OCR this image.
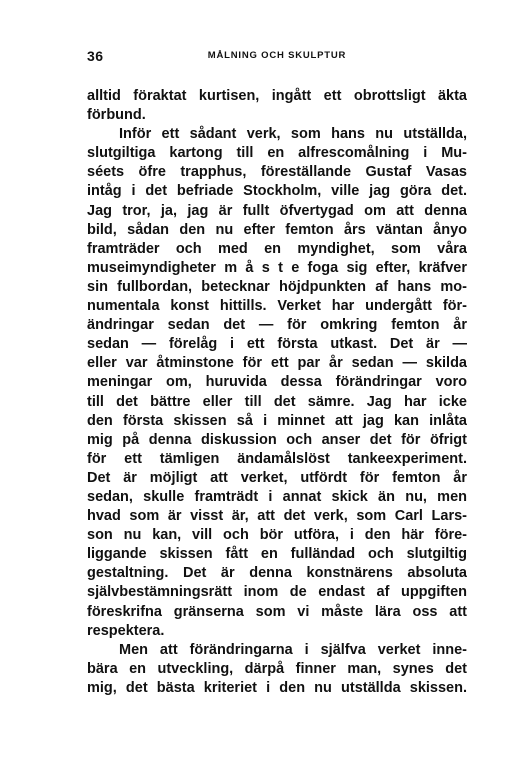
36	MÅLNING OCH SKULPTUR
alltid föraktat kurtisen, ingått ett obrottsligt äkta
förbund.
Inför ett sådant verk, som hans nu utställda,
slutgiltiga kartong till en alfrescomålning i Mu-
séets öfre trapphus, föreställande Gustaf Vasas
intåg i det befriade Stockholm, ville jag göra det.
Jag tror, ja, jag är fullt öfvertygad om att denna
bild, sådan den nu efter femton års väntan ånyo
framträder och med en myndighet, som våra
museimyndigheter m å s t e foga sig efter, kräfver
sin fullbordan, betecknar höjdpunkten af hans mo-
numentala konst hittills. Verket har undergått för-
ändringar sedan det — för omkring femton år
sedan — förelåg i ett första utkast. Det är —
eller var åtminstone för ett par år sedan — skilda
meningar om, huruvida dessa förändringar voro
till det bättre eller till det sämre. Jag har icke
den första skissen så i minnet att jag kan inlåta
mig på denna diskussion och anser det för öfrigt
för ett tämligen ändamålslöst tankeexperiment.
Det är möjligt att verket, utfördt för femton år
sedan, skulle framträdt i annat skick än nu, men
hvad som är visst är, att det verk, som Carl Lars-
son nu kan, vill och bör utföra, i den här före-
liggande skissen fått en fulländad och slutgiltig
gestaltning. Det är denna konstnärens absoluta
självbestämningsrätt inom de endast af uppgiften
föreskrifna gränserna som vi måste lära oss att
respektera.
Men att förändringarna i själfva verket inne-
bära en utveckling, därpå finner man, synes det
mig, det bästa kriteriet i den nu utställda skissen.
